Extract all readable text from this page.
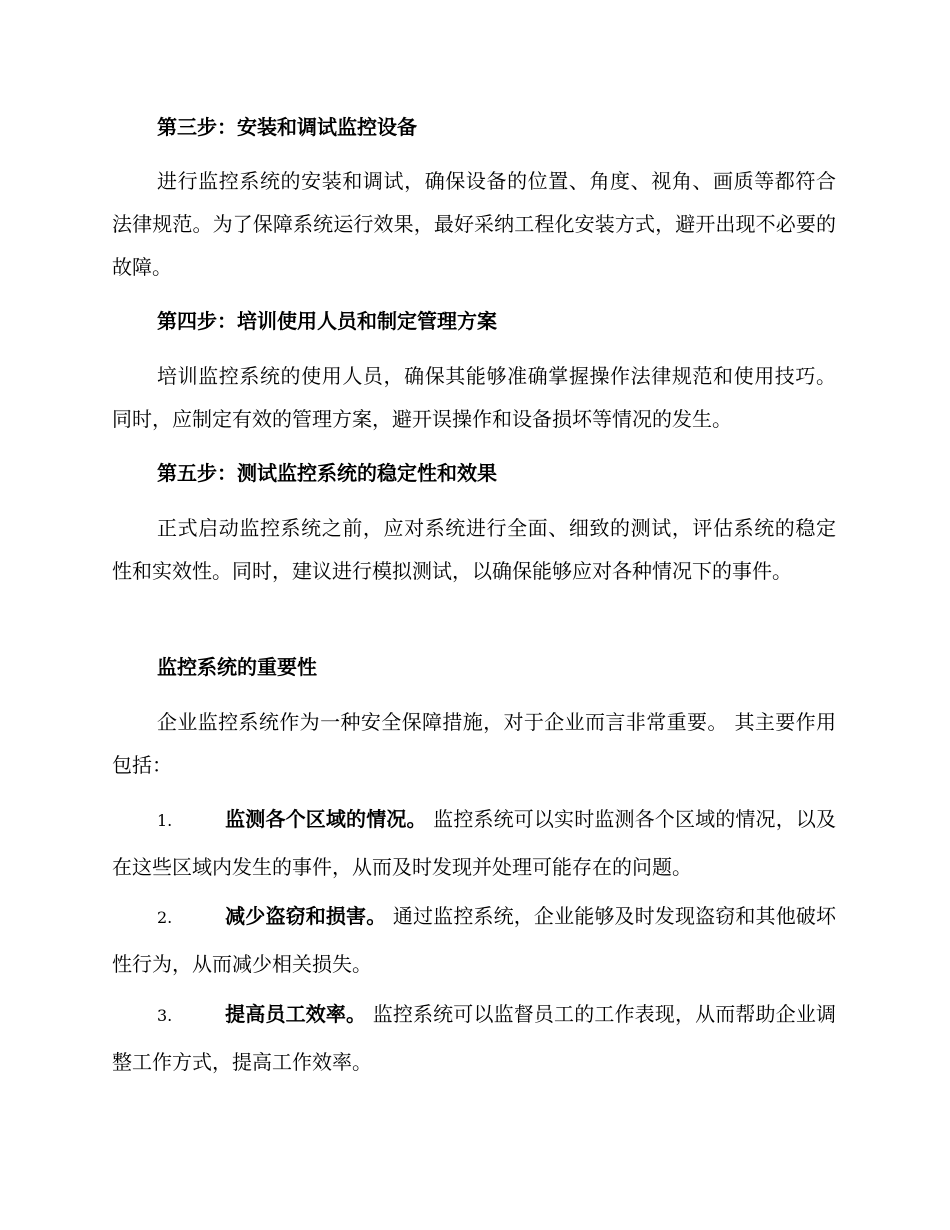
第三步：安装和调试监控设备

进行监控系统的安装和调试，确保设备的位置、角度、视角、画质等都符合法律规范。为了保障系统运行效果，最好采纳工程化安装方式，避开出现不必要的故障。

第四步：培训使用人员和制定管理方案

培训监控系统的使用人员，确保其能够准确掌握操作法律规范和使用技巧。同时，应制定有效的管理方案，避开误操作和设备损坏等情况的发生。

第五步：测试监控系统的稳定性和效果

正式启动监控系统之前，应对系统进行全面、细致的测试，评估系统的稳定性和实效性。同时，建议进行模拟测试，以确保能够应对各种情况下的事件。

监控系统的重要性

企业监控系统作为一种安全保障措施，对于企业而言非常重要。 其主要作用包括：

1.	监测各个区域的情况。 监控系统可以实时监测各个区域的情况，以及在这些区域内发生的事件，从而及时发现并处理可能存在的问题。

2.	减少盗窃和损害。 通过监控系统，企业能够及时发现盗窃和其他破坏性行为，从而减少相关损失。

3.	提高员工效率。 监控系统可以监督员工的工作表现，从而帮助企业调整工作方式，提高工作效率。
